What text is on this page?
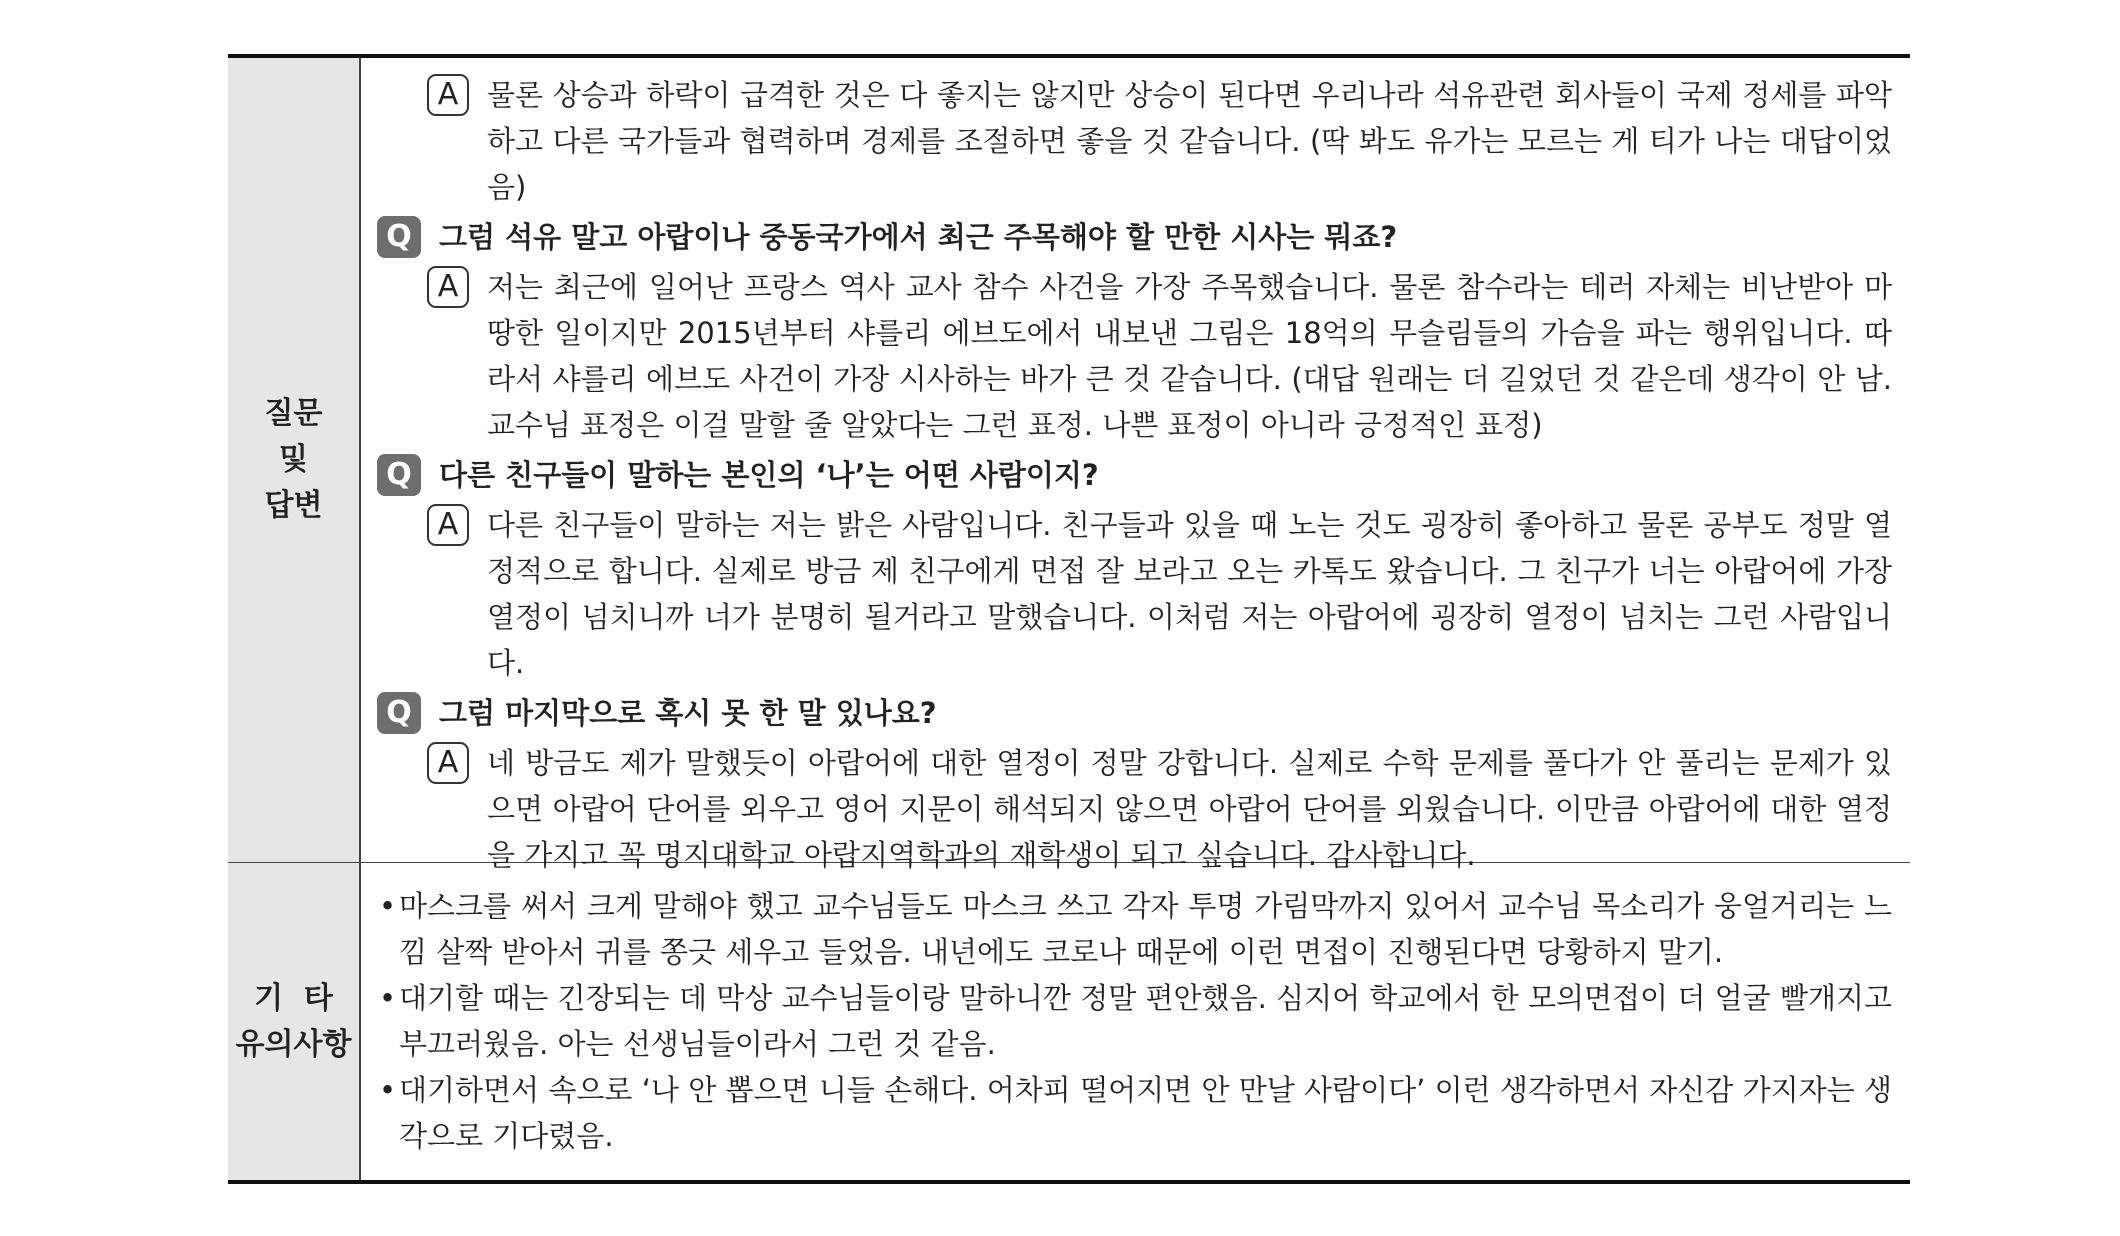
질문
및
답변
A 물론 상승과 하락이 급격한 것은 다 좋지는 않지만 상승이 된다면 우리나라 석유관련 회사들이 국제 정세를 파악하고 다른 국가들과 협력하며 경제를 조절하면 좋을 것 같습니다. (딱 봐도 유가는 모르는 게 티가 나는 대답이었음)
Q 그럼 석유 말고 아랍이나 중동국가에서 최근 주목해야 할 만한 시사는 뭐죠?
A 저는 최근에 일어난 프랑스 역사 교사 참수 사건을 가장 주목했습니다. 물론 참수라는 테러 자체는 비난받아 마땅한 일이지만 2015년부터 샤를리 에브도에서 내보낸 그림은 18억의 무슬림들의 가슴을 파는 행위입니다. 따라서 샤를리 에브도 사건이 가장 시사하는 바가 큰 것 같습니다. (대답 원래는 더 길었던 것 같은데 생각이 안 남. 교수님 표정은 이걸 말할 줄 알았다는 그런 표정. 나쁜 표정이 아니라 긍정적인 표정)
Q 다른 친구들이 말하는 본인의 ‘나’는 어떤 사람이지?
A 다른 친구들이 말하는 저는 밝은 사람입니다. 친구들과 있을 때 노는 것도 굉장히 좋아하고 물론 공부도 정말 열정적으로 합니다. 실제로 방금 제 친구에게 면접 잘 보라고 오는 카톡도 왔습니다. 그 친구가 너는 아랍어에 가장 열정이 넘치니까 너가 분명히 될거라고 말했습니다. 이처럼 저는 아랍어에 굉장히 열정이 넘치는 그런 사람입니다.
Q 그럼 마지막으로 혹시 못 한 말 있나요?
A 네 방금도 제가 말했듯이 아랍어에 대한 열정이 정말 강합니다. 실제로 수학 문제를 풀다가 안 풀리는 문제가 있으면 아랍어 단어를 외우고 영어 지문이 해석되지 않으면 아랍어 단어를 외웠습니다. 이만큼 아랍어에 대한 열정을 가지고 꼭 명지대학교 아랍지역학과의 재학생이 되고 싶습니다. 감사합니다.
기  타
유의사항
• 마스크를 써서 크게 말해야 했고 교수님들도 마스크 쓰고 각자 투명 가림막까지 있어서 교수님 목소리가 웅얼거리는 느낌 살짝 받아서 귀를 쫑긋 세우고 들었음. 내년에도 코로나 때문에 이런 면접이 진행된다면 당황하지 말기.
• 대기할 때는 긴장되는 데 막상 교수님들이랑 말하니깐 정말 편안했음. 심지어 학교에서 한 모의면접이 더 얼굴 빨개지고 부끄러웠음. 아는 선생님들이라서 그런 것 같음.
• 대기하면서 속으로 ‘나 안 뽑으면 니들 손해다. 어차피 떨어지면 안 만날 사람이다’ 이런 생각하면서 자신감 가지자는 생각으로 기다렸음.
